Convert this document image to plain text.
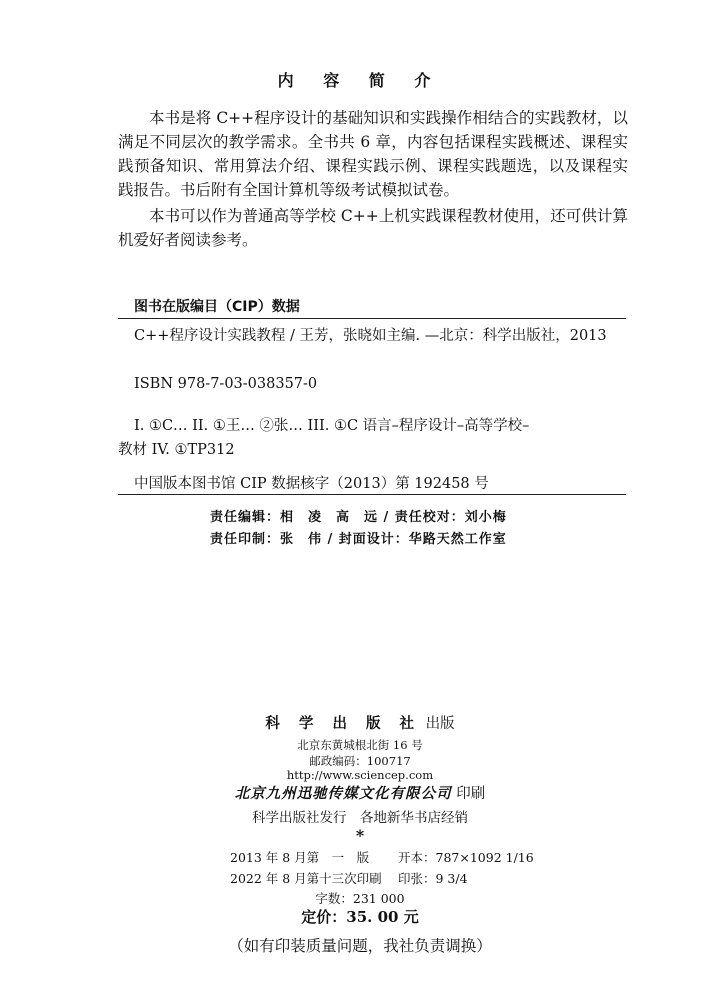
内 容 简 介

本书是将 C++程序设计的基础知识和实践操作相结合的实践教材，以满足不同层次的教学需求。全书共 6 章，内容包括课程实践概述、课程实践预备知识、常用算法介绍、课程实践示例、课程实践题选，以及课程实践报告。书后附有全国计算机等级考试模拟试卷。

本书可以作为普通高等学校 C++上机实践课程教材使用，还可供计算机爱好者阅读参考。

图书在版编目（CIP）数据
C++程序设计实践教程 / 王芳，张晓如主编. —北京：科学出版社，2013
ISBN 978-7-03-038357-0
I. ①C… II. ①王… ②张… III. ①C 语言–程序设计–高等学校–
教材 IV. ①TP312
中国版本图书馆 CIP 数据核字（2013）第 192458 号
责任编辑：相　凌　高　远 / 责任校对：刘小梅
责任印制：张　伟 / 封面设计：华路天然工作室
科 学 出 版 社 出版
北京东黄城根北街 16 号
邮政编码：100717
http://www.sciencep.com
北京九州迅驰传媒文化有限公司 印刷
科学出版社发行　各地新华书店经销
*
2013 年 8 月第　一　版 开本：787×1092 1/16
2022 年 8 月第十三次印刷 印张：9 3/4
字数：231 000
定价：35. 00 元
（如有印装质量问题，我社负责调换）
